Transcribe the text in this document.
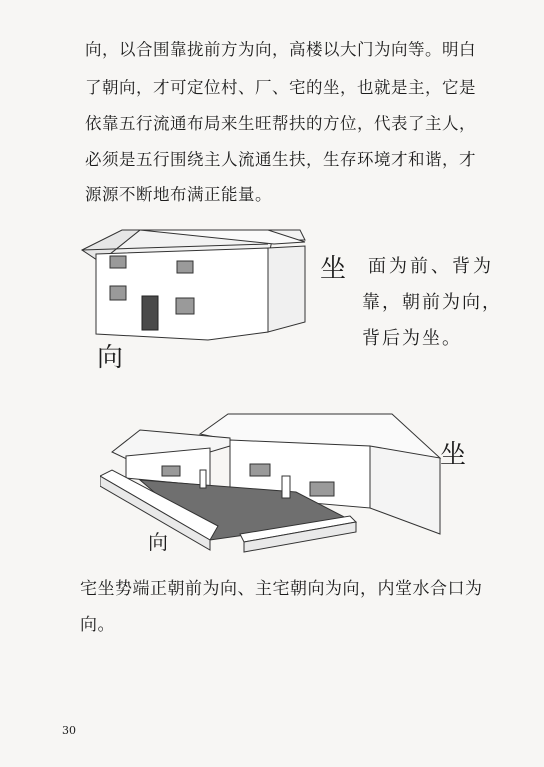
向，以合围靠拢前方为向，高楼以大门为向等。明白
了朝向，才可定位村、厂、宅的坐，也就是主，它是
依靠五行流通布局来生旺帮扶的方位，代表了主人，
必须是五行围绕主人流通生扶，生存环境才和谐，才
源源不断地布满正能量。
坐
向
面为前、背为
靠，朝前为向，
背后为坐。
坐
向
宅坐势端正朝前为向、主宅朝向为向，内堂水合口为
向。
30
